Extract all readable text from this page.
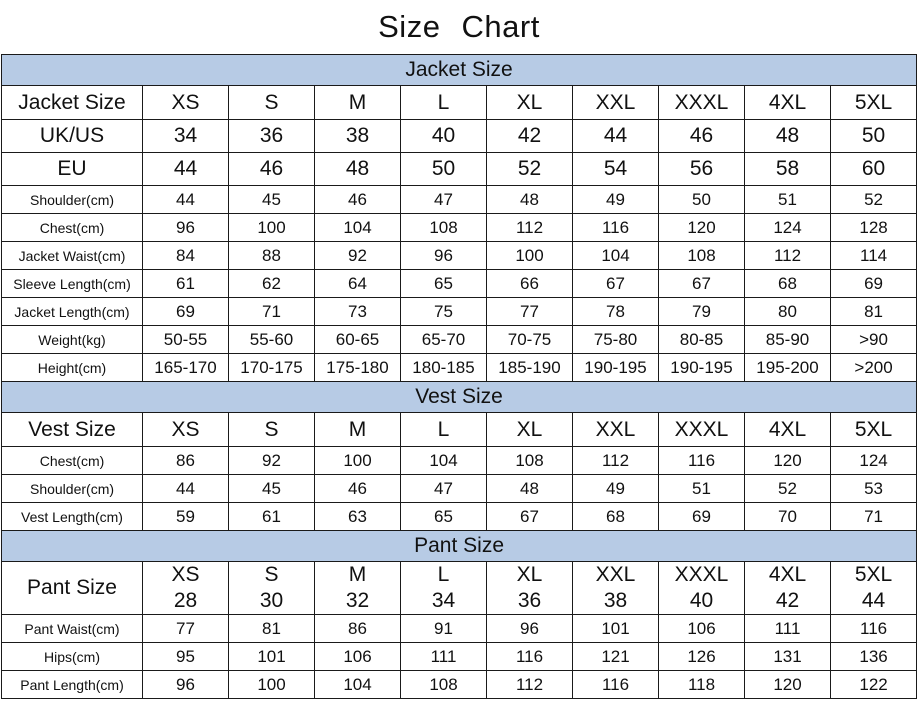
Size Chart
Jacket Size									
Jacket Size	XS	S	M	L	XL	XXL	XXXL	4XL	5XL
UK/US	34	36	38	40	42	44	46	48	50
EU	44	46	48	50	52	54	56	58	60
Shoulder(cm)	44	45	46	47	48	49	50	51	52
Chest(cm)	96	100	104	108	112	116	120	124	128
Jacket Waist(cm)	84	88	92	96	100	104	108	112	114
Sleeve Length(cm)	61	62	64	65	66	67	67	68	69
Jacket Length(cm)	69	71	73	75	77	78	79	80	81
Weight(kg)	50-55	55-60	60-65	65-70	70-75	75-80	80-85	85-90	>90
Height(cm)	165-170	170-175	175-180	180-185	185-190	190-195	190-195	195-200	>200
Vest Size									
Vest Size	XS	S	M	L	XL	XXL	XXXL	4XL	5XL
Chest(cm)	86	92	100	104	108	112	116	120	124
Shoulder(cm)	44	45	46	47	48	49	51	52	53
Vest Length(cm)	59	61	63	65	67	68	69	70	71
Pant Size									
Pant Size	XS	S	M	L	XL	XXL	XXXL	4XL	5XL
	28	30	32	34	36	38	40	42	44
Pant Waist(cm)	77	81	86	91	96	101	106	111	116
Hips(cm)	95	101	106	111	116	121	126	131	136
Pant Length(cm)	96	100	104	108	112	116	118	120	122
